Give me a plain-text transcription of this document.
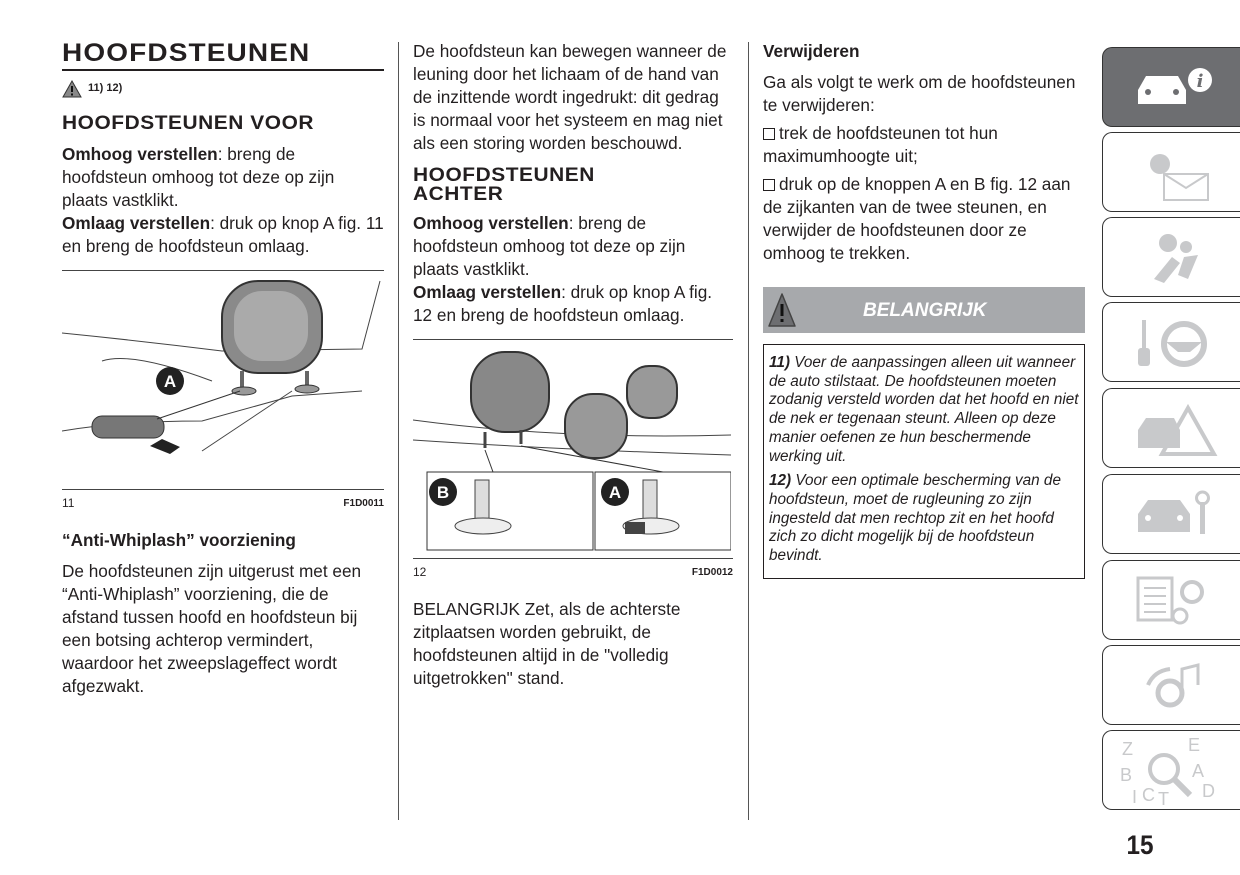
HOOFDSTEUNEN
11) 12)
HOOFDSTEUNEN VOOR

Omhoog verstellen: breng de hoofdsteun omhoog tot deze op zijn plaats vastklikt.

Omlaag verstellen: druk op knop A fig. 11 en breng de hoofdsteun omlaag.

A
11	F1D0011
“Anti-Whiplash” voorziening

De hoofdsteunen zijn uitgerust met een “Anti-Whiplash” voorziening, die de afstand tussen hoofd en hoofdsteun bij een botsing achterop vermindert, waardoor het zweepslageffect wordt afgezwakt.

De hoofdsteun kan bewegen wanneer de leuning door het lichaam of de hand van de inzittende wordt ingedrukt: dit gedrag is normaal voor het systeem en mag niet als een storing worden beschouwd.

HOOFDSTEUNEN
ACHTER

Omhoog verstellen: breng de hoofdsteun omhoog tot deze op zijn plaats vastklikt.

Omlaag verstellen: druk op knop A fig. 12 en breng de hoofdsteun omlaag.

B	A
12	F1D0012

BELANGRIJK Zet, als de achterste zitplaatsen worden gebruikt, de hoofdsteunen altijd in de "volledig uitgetrokken" stand.

Verwijderen

Ga als volgt te werk om de hoofdsteunen te verwijderen:

trek de hoofdsteunen tot hun maximumhoogte uit;

druk op de knoppen A en B fig. 12 aan de zijkanten van de twee steunen, en verwijder de hoofdsteunen door ze omhoog te trekken.

BELANGRIJK

11) Voer de aanpassingen alleen uit wanneer de auto stilstaat. De hoofdsteunen moeten zodanig versteld worden dat het hoofd en niet de nek er tegenaan steunt. Alleen op deze manier oefenen ze hun beschermende werking uit.

12) Voor een optimale bescherming van de hoofdsteun, moet de rugleuning zo zijn ingesteld dat men rechtop zit en het hoofd zich zo dicht mogelijk bij de hoofdsteun bevindt.

i
Z	E
B	A
I C T D
15
